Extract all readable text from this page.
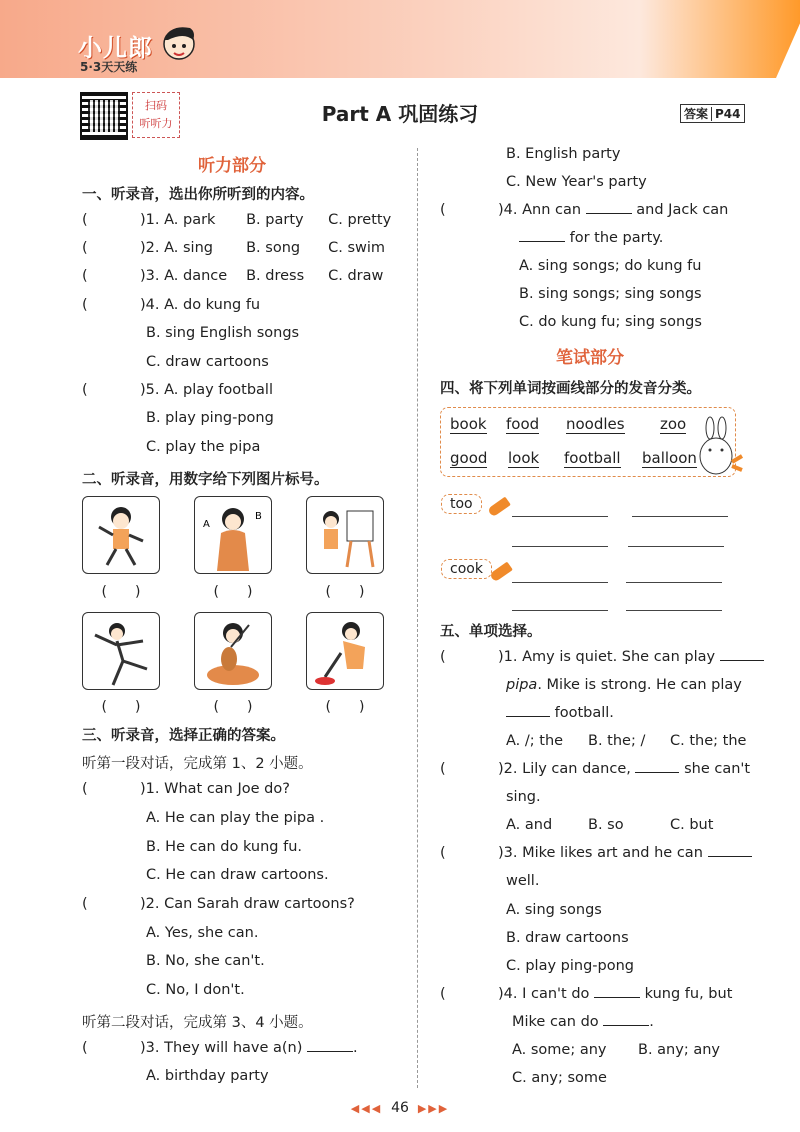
小儿郎
5·3天天练
扫码
听听力	Part A 巩固练习	答案 P44
听力部分
一、听录音，选出你所听到的内容。
(	)1. A. park B. party C. pretty
(	)2. A. sing B. song C. swim
(	)3. A. dance B. dress C. draw
(	)4. A. do kung fu
B. sing English songs
C. draw cartoons
(	)5. A. play football
B. play ping-pong
C. play the pipa
二、听录音，用数字给下列图片标号。
A
B
(　　)	(　　)	(　　)
(　　)	(　　)	(　　)
三、听录音，选择正确的答案。
听第一段对话，完成第 1、2 小题。
(	)1. What can Joe do?
A. He can play the pipa .
B. He can do kung fu.
C. He can draw cartoons.
(	)2. Can Sarah draw cartoons?
A. Yes, she can.
B. No, she can't.
C. No, I don't.
听第二段对话，完成第 3、4 小题。
(	)3. They will have a(n)	.
A. birthday party
B. English party
C. New Year's party
(	)4. Ann can	and Jack can
for the party.
A. sing songs; do kung fu
B. sing songs; sing songs
C. do kung fu; sing songs
笔试部分
四、将下列单词按画线部分的发音分类。
book food noodles zoo
good look football balloon
too
cook
五、单项选择。
(	)1. Amy is quiet. She can play
pipa. Mike is strong. He can play
football.
A. /; the B. the; / C. the; the
(	)2. Lily can dance,	she can't
sing.
A. and B. so	C. but
(	)3. Mike likes art and he can
well.
A. sing songs
B. draw cartoons
C. play ping-pong
(	)4. I can't do	kung fu, but
Mike can do	.
A. some; any B. any; any
C. any; some
◀◀◀ 46 ▶▶▶
